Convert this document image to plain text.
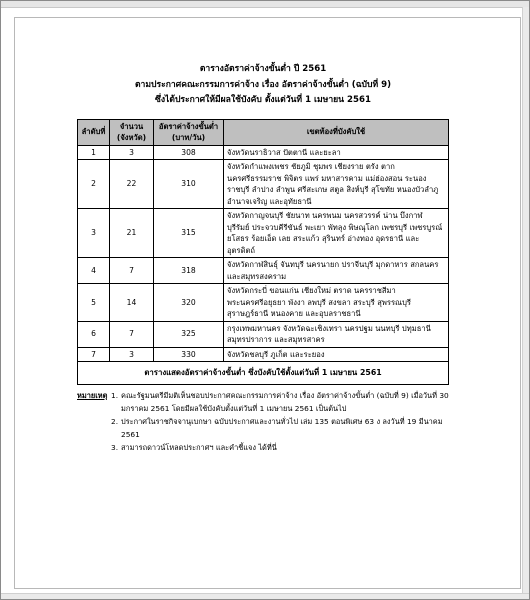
ตารางอัตราค่าจ้างขั้นต่ำ ปี 2561
ตามประกาศคณะกรรมการค่าจ้าง เรื่อง อัตราค่าจ้างขั้นต่ำ (ฉบับที่ 9)
ซึ่งได้ประกาศให้มีผลใช้บังคับ ตั้งแต่วันที่ 1 เมษายน 2561
ลำดับที่	จำนวน (จังหวัด)	อัตราค่าจ้างขั้นต่ำ (บาท/วัน)	เขตท้องที่บังคับใช้
1	3	308	จังหวัดนราธิวาส ปัตตานี และยะลา
2	22	310	จังหวัดกำแพงเพชร ชัยภูมิ ชุมพร เชียงราย ตรัง ตาก นครศรีธรรมราช พิจิตร แพร่ มหาสารคาม แม่ฮ่องสอน ระนอง ราชบุรี ลำปาง ลำพูน ศรีสะเกษ สตูล สิงห์บุรี สุโขทัย หนองบัวลำภู อำนาจเจริญ และอุทัยธานี
3	21	315	จังหวัดกาญจนบุรี ชัยนาท นครพนม นครสวรรค์ น่าน บึงกาฬ บุรีรัมย์ ประจวบคีรีขันธ์ พะเยา พัทลุง พิษณุโลก เพชรบุรี เพชรบูรณ์ ยโสธร ร้อยเอ็ด เลย สระแก้ว สุรินทร์ อ่างทอง อุดรธานี และอุตรดิตถ์
4	7	318	จังหวัดกาฬสินธุ์ จันทบุรี นครนายก ปราจีนบุรี มุกดาหาร สกลนคร และสมุทรสงคราม
5	14	320	จังหวัดกระบี่ ขอนแก่น เชียงใหม่ ตราด นครราชสีมา พระนครศรีอยุธยา พังงา ลพบุรี สงขลา สระบุรี สุพรรณบุรี สุราษฎร์ธานี หนองคาย และอุบลราชธานี
6	7	325	กรุงเทพมหานคร จังหวัดฉะเชิงเทรา นครปฐม นนทบุรี ปทุมธานี สมุทรปราการ และสมุทรสาคร
7	3	330	จังหวัดชลบุรี ภูเก็ต และระยอง
ตารางแสดงอัตราค่าจ้างขั้นต่ำ ซึ่งบังคับใช้ตั้งแต่วันที่ 1 เมษายน 2561			
หมายเหตุ 1. คณะรัฐมนตรีมีมติเห็นชอบประกาศคณะกรรมการค่าจ้าง เรื่อง อัตราค่าจ้างขั้นต่ำ (ฉบับที่ 9) เมื่อวันที่ 30 มกราคม 2561 โดยมีผลใช้บังคับตั้งแต่วันที่ 1 เมษายน 2561 เป็นต้นไป
2. ประกาศในราชกิจจานุเบกษา ฉบับประกาศและงานทั่วไป เล่ม 135 ตอนพิเศษ 63 ง ลงวันที่ 19 มีนาคม 2561
3. สามารถดาวน์โหลดประกาศฯ และคำชี้แจง ได้ที่นี่
